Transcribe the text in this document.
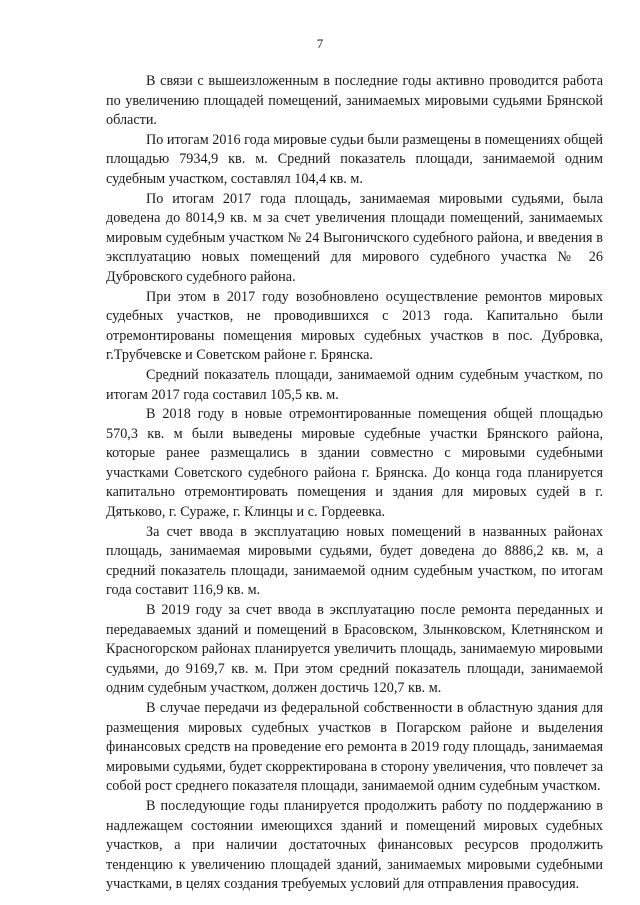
7

В связи с вышеизложенным в последние годы активно проводится работа по увеличению площадей помещений, занимаемых мировыми судьями Брянской области.

По итогам 2016 года мировые судьи были размещены в помещениях общей площадью 7934,9 кв. м. Средний показатель площади, занимаемой одним судебным участком, составлял 104,4 кв. м.

По итогам 2017 года площадь, занимаемая мировыми судьями, была доведена до 8014,9 кв. м за счет увеличения площади помещений, занимаемых мировым судебным участком № 24 Выгоничского судебного района, и введения в эксплуатацию новых помещений для мирового судебного участка № 26 Дубровского судебного района.

При этом в 2017 году возобновлено осуществление ремонтов мировых судебных участков, не проводившихся с 2013 года. Капитально были отремонтированы помещения мировых судебных участков в пос. Дубровка, г.Трубчевске и Советском районе г. Брянска.

Средний показатель площади, занимаемой одним судебным участком, по итогам 2017 года составил 105,5 кв. м.

В 2018 году в новые отремонтированные помещения общей площадью 570,3 кв. м были выведены мировые судебные участки Брянского района, которые ранее размещались в здании совместно с мировыми судебными участками Советского судебного района г. Брянска. До конца года планируется капитально отремонтировать помещения и здания для мировых судей в г. Дятьково, г. Сураже, г. Клинцы и с. Гордеевка.

За счет ввода в эксплуатацию новых помещений в названных районах площадь, занимаемая мировыми судьями, будет доведена до 8886,2 кв. м, а средний показатель площади, занимаемой одним судебным участком, по итогам года составит 116,9 кв. м.

В 2019 году за счет ввода в эксплуатацию после ремонта переданных и передаваемых зданий и помещений в Брасовском, Злынковском, Клетнянском и Красногорском районах планируется увеличить площадь, занимаемую мировыми судьями, до 9169,7 кв. м. При этом средний показатель площади, занимаемой одним судебным участком, должен достичь 120,7 кв. м.

В случае передачи из федеральной собственности в областную здания для размещения мировых судебных участков в Погарском районе и выделения финансовых средств на проведение его ремонта в 2019 году площадь, занимаемая мировыми судьями, будет скорректирована в сторону увеличения, что повлечет за собой рост среднего показателя площади, занимаемой одним судебным участком.

В последующие годы планируется продолжить работу по поддержанию в надлежащем состоянии имеющихся зданий и помещений мировых судебных участков, а при наличии достаточных финансовых ресурсов продолжить тенденцию к увеличению площадей зданий, занимаемых мировыми судебными участками, в целях создания требуемых условий для отправления правосудия.
